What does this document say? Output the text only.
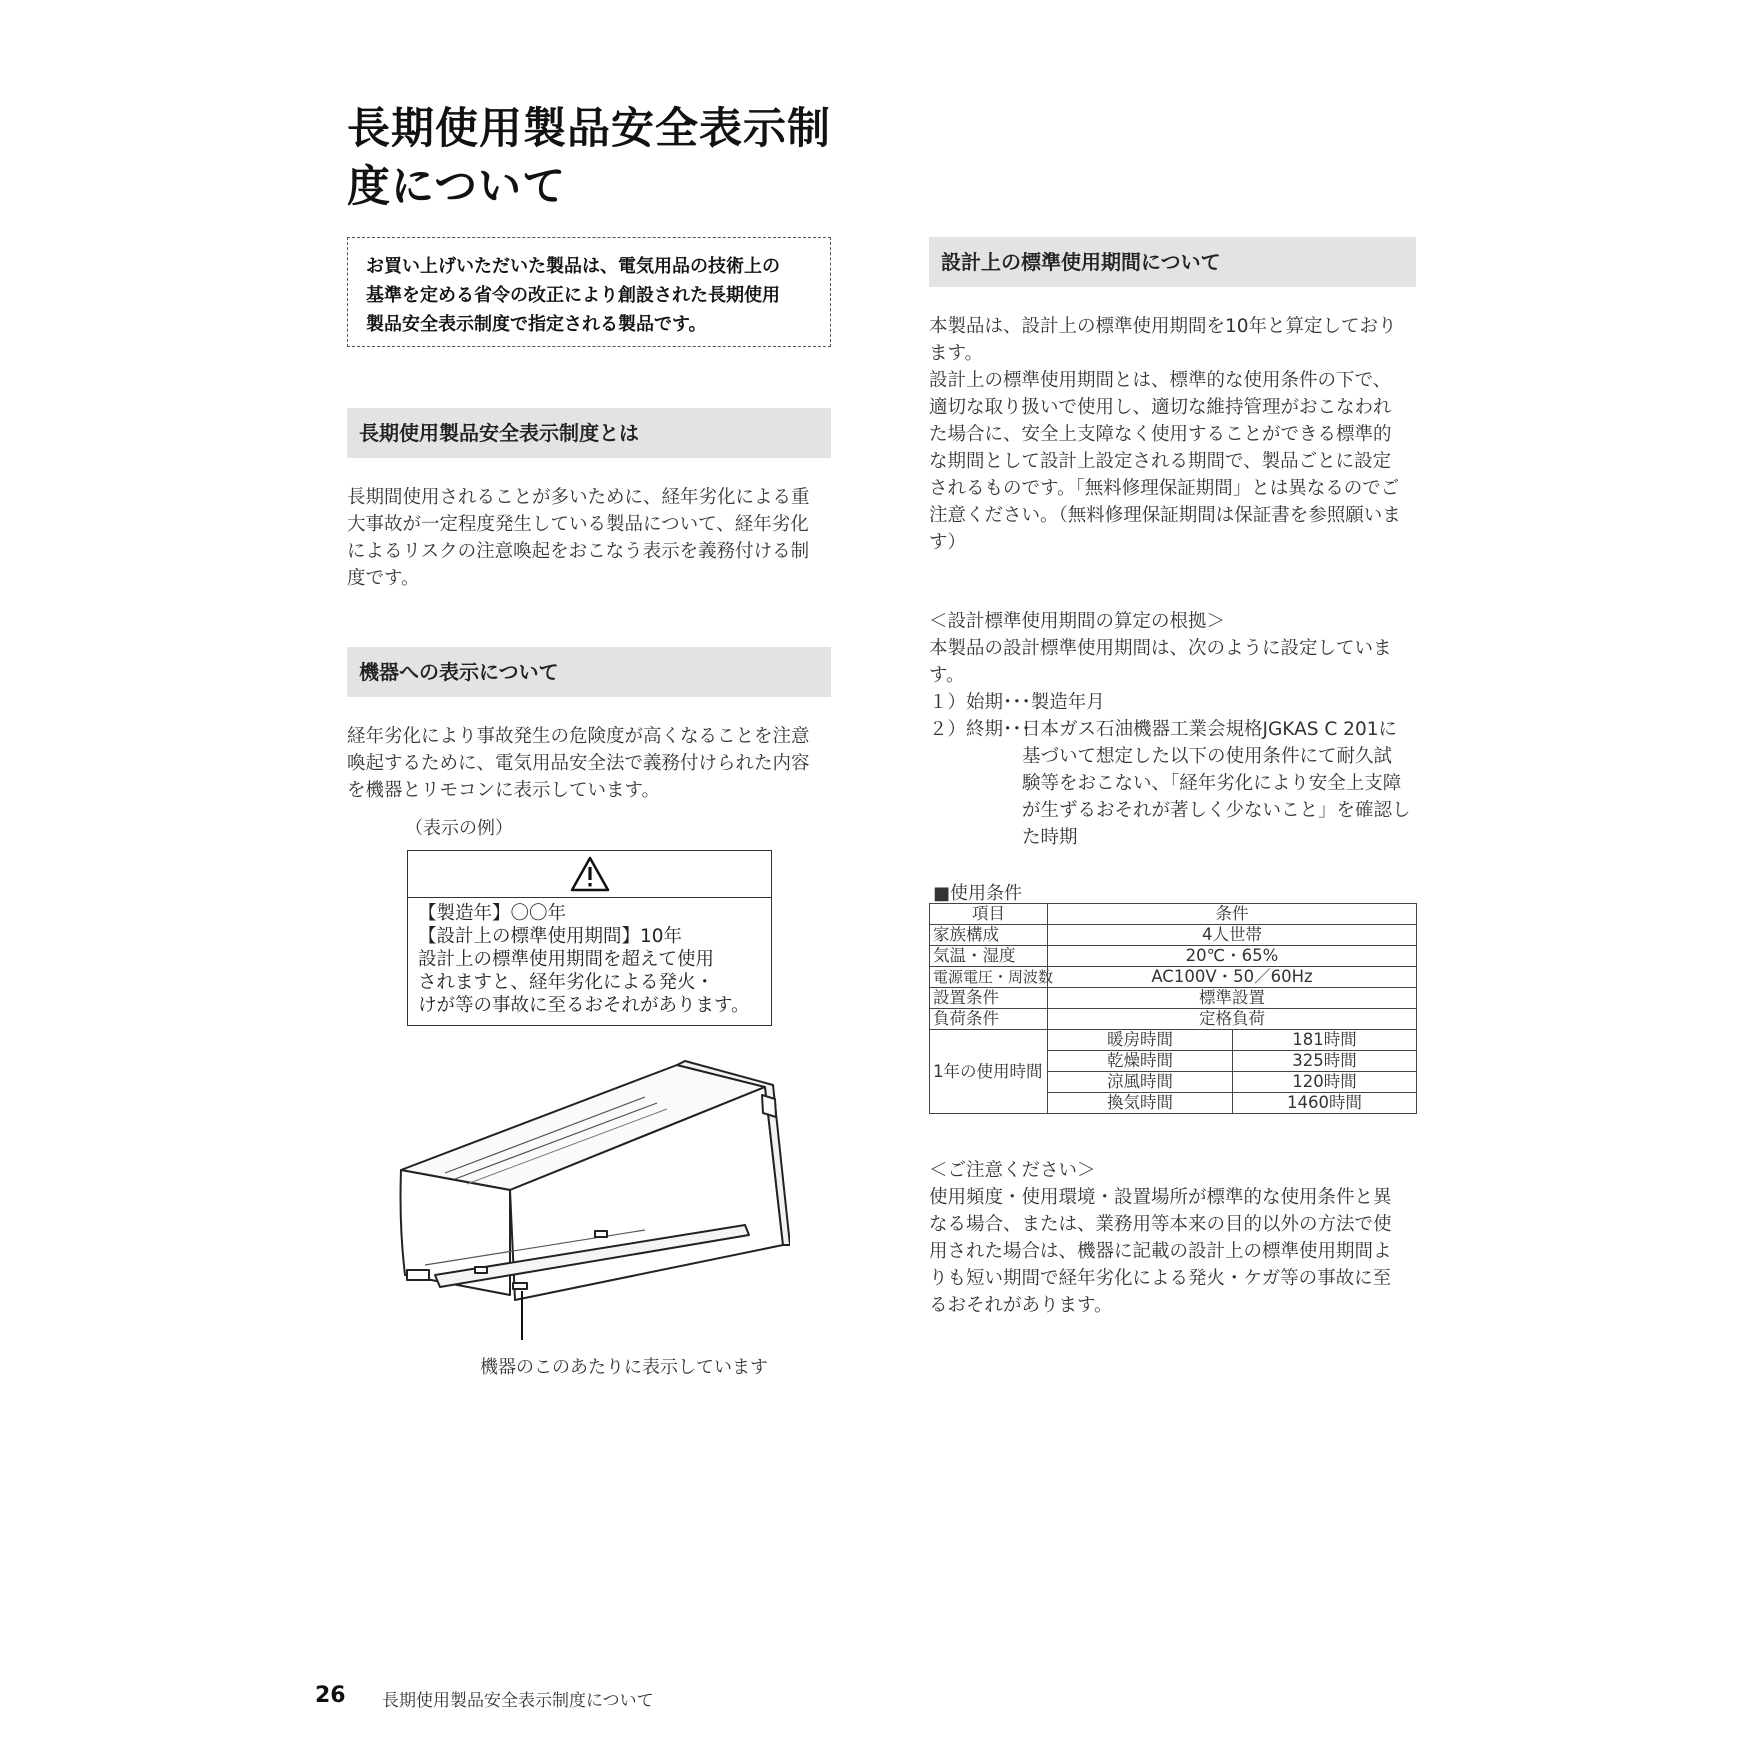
長期使用製品安全表示制
度について
お買い上げいただいた製品は、電気用品の技術上の
基準を定める省令の改正により創設された長期使用
製品安全表示制度で指定される製品です。
長期使用製品安全表示制度とは
長期間使用されることが多いために、経年劣化による重
大事故が一定程度発生している製品について、経年劣化
によるリスクの注意喚起をおこなう表示を義務付ける制
度です。
機器への表示について
経年劣化により事故発生の危険度が高くなることを注意
喚起するために、電気用品安全法で義務付けられた内容
を機器とリモコンに表示しています。
（表示の例）
【製造年】〇〇年
【設計上の標準使用期間】10年
設計上の標準使用期間を超えて使用
されますと、経年劣化による発火・
けが等の事故に至るおそれがあります。
機器のこのあたりに表示しています
設計上の標準使用期間について
本製品は、設計上の標準使用期間を10年と算定しており
ます。
設計上の標準使用期間とは、標準的な使用条件の下で、
適切な取り扱いで使用し、適切な維持管理がおこなわれ
た場合に、安全上支障なく使用することができる標準的
な期間として設計上設定される期間で、製品ごとに設定
されるものです。「無料修理保証期間」とは異なるのでご
注意ください。（無料修理保証期間は保証書を参照願いま
す）
＜設計標準使用期間の算定の根拠＞
本製品の設計標準使用期間は、次のように設定していま
す。
１）始期･･･製造年月
２）終期･･･
日本ガス石油機器工業会規格JGKAS C 201に
基づいて想定した以下の使用条件にて耐久試
験等をおこない、「経年劣化により安全上支障
が生ずるおそれが著しく少ないこと」を確認し
た時期
■使用条件
項目	条件	
家族構成	4人世帯	
気温・湿度	20℃・65%	
電源電圧・周波数	AC100V・50／60Hz	
設置条件	標準設置	
負荷条件	定格負荷	
1年の使用時間	暖房時間	181時間
	乾燥時間	325時間
	涼風時間	120時間
	換気時間	1460時間
＜ご注意ください＞
使用頻度・使用環境・設置場所が標準的な使用条件と異
なる場合、または、業務用等本来の目的以外の方法で使
用された場合は、機器に記載の設計上の標準使用期間よ
りも短い期間で経年劣化による発火・ケガ等の事故に至
るおそれがあります。
26 長期使用製品安全表示制度について
